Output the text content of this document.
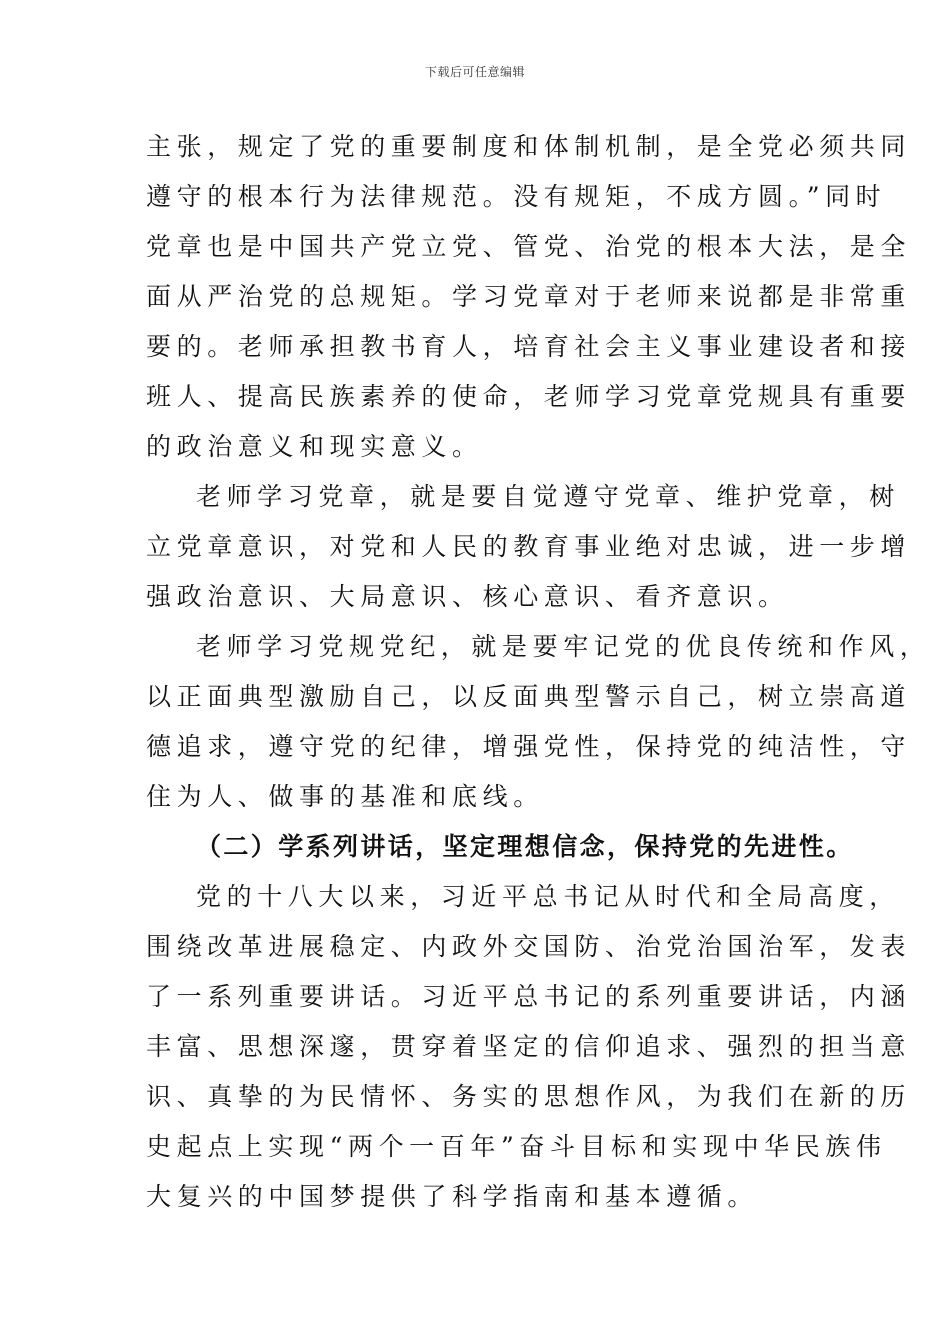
下载后可任意编辑
主张，规定了党的重要制度和体制机制，是全党必须共同
遵守的根本行为法律规范。没有规矩，不成方圆。”同时
党章也是中国共产党立党、管党、治党的根本大法，是全
面从严治党的总规矩。学习党章对于老师来说都是非常重
要的。老师承担教书育人，培育社会主义事业建设者和接
班人、提高民族素养的使命，老师学习党章党规具有重要
的政治意义和现实意义。
老师学习党章，就是要自觉遵守党章、维护党章，树
立党章意识，对党和人民的教育事业绝对忠诚，进一步增
强政治意识、大局意识、核心意识、看齐意识。
老师学习党规党纪，就是要牢记党的优良传统和作风，
以正面典型激励自己，以反面典型警示自己，树立崇高道
德追求，遵守党的纪律，增强党性，保持党的纯洁性，守
住为人、做事的基准和底线。
（二）学系列讲话，坚定理想信念，保持党的先进性。
党的十八大以来，习近平总书记从时代和全局高度，
围绕改革进展稳定、内政外交国防、治党治国治军，发表
了一系列重要讲话。习近平总书记的系列重要讲话，内涵
丰富、思想深邃，贯穿着坚定的信仰追求、强烈的担当意
识、真挚的为民情怀、务实的思想作风，为我们在新的历
史起点上实现“两个一百年”奋斗目标和实现中华民族伟
大复兴的中国梦提供了科学指南和基本遵循。
